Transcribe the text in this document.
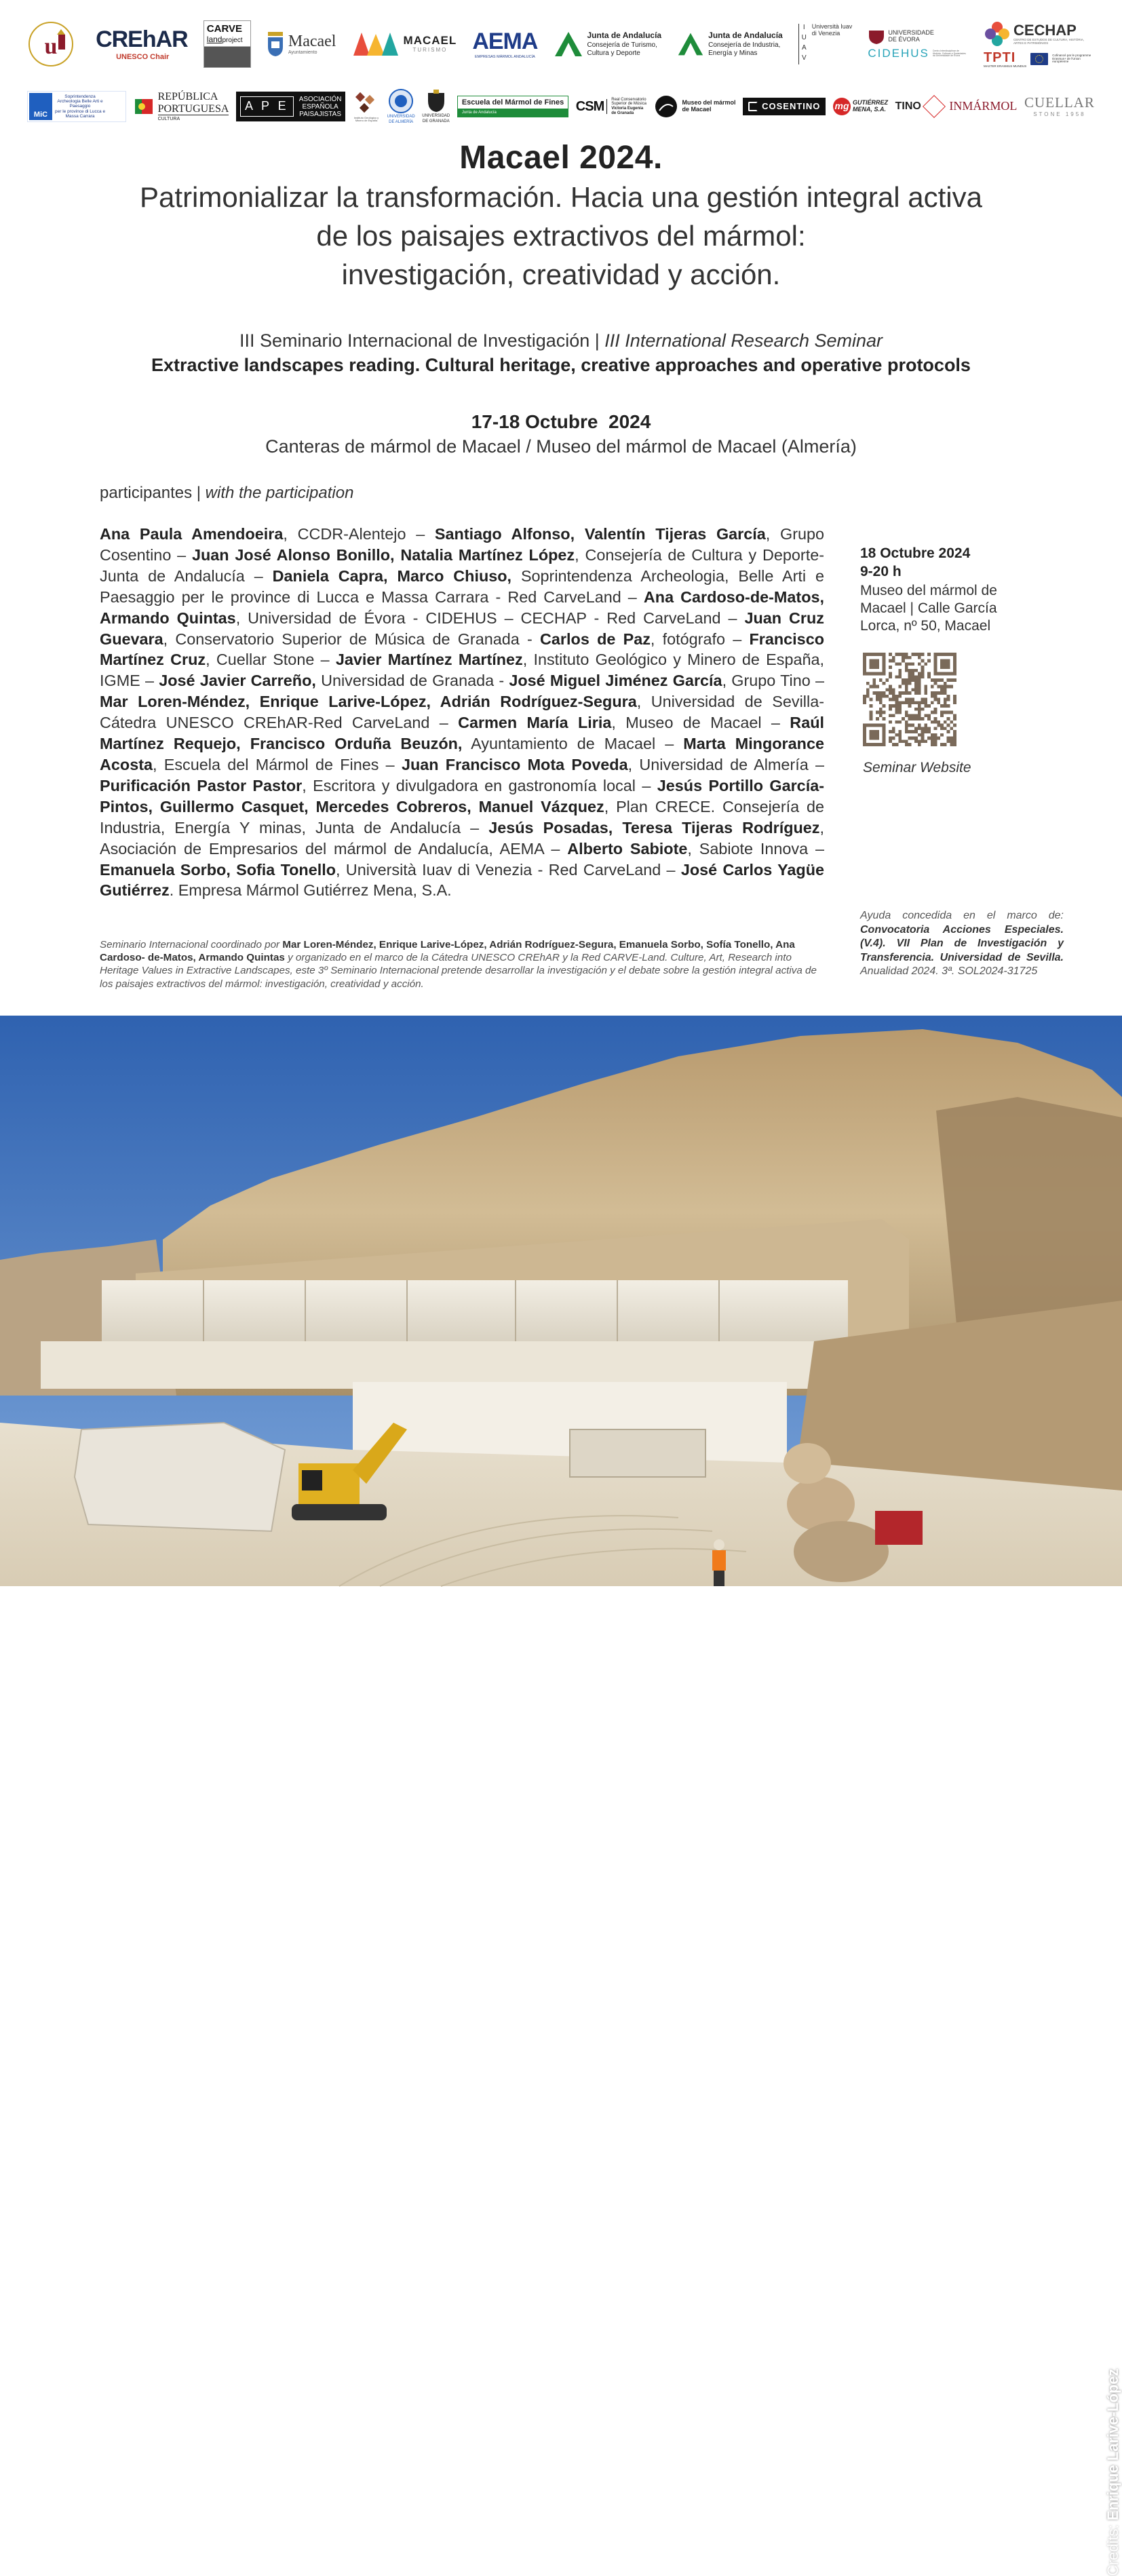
u CREhAR
UNESCO Chair
CARVE
landproject	Macael
Ayuntamiento
MACAEL
TURISMO AEMA
EMPRESAS MÁRMOL ANDALUCÍA
Junta de Andalucía
Consejería de Turismo,
Cultura y Deporte
Junta de Andalucía
Consejería de Industria,
Energía y Minas	IUAV Università Iuav
di Venezia	UNIVERSIDADE
DE ÉVORA
CIDEHUS Centro Interdisciplinar de História, Culturas e Sociedades da Universidade de Évora
CECHAP
CENTRO DE ESTUDOS DE CULTURA, HISTÓRIA, ARTES E PATRIMÓNIOS
TPTI
MASTER ERASMUS MUNDUS
Cofinancé par le programme Erasmus+ de l'Union européenne
MiC
Soprintendenza
Archeologia Belle Arti e
Paesaggio
per le province di Lucca e
Massa Carrara
REPÚBLICA
PORTUGUESA
CULTURA
A P E
ASOCIACIÓN
ESPAÑOLA
PAISAJISTAS	Instituto Geológico y Minero de España
UNIVERSIDAD
DE ALMERÍA
UNIVERSIDAD
DE GRANADA
Escuela del Mármol de Fines
Junta de Andalucía	CSM	Real Conservatorio
Superior de Música
Victoria Eugenia
de Granada
Museo del mármol
de Macael	COSENTINO mg GUTIÉRREZ
MENA, S.A. TINO INMÁRMOL CUELLAR
STONE 1958
Macael 2024.
Patrimonializar la transformación. Hacia una gestión integral activa
de los paisajes extractivos del mármol:
investigación, creatividad y acción.
III Seminario Internacional de Investigación | III International Research Seminar
Extractive landscapes reading. Cultural heritage, creative approaches and operative protocols
17-18 Octubre  2024
Canteras de mármol de Macael / Museo del mármol de Macael (Almería)
participantes | with the participation

Ana Paula Amendoeira, CCDR-Alentejo – Santiago Alfonso, Valentín Tijeras García, Grupo Cosentino – Juan José Alonso Bonillo, Natalia Martínez López, Consejería de Cultura y Deporte-Junta de Andalucía – Daniela Capra, Marco Chiuso, Soprintendenza Archeologia, Belle Arti e Paesaggio per le province di Lucca e Massa Carrara - Red CarveLand – Ana Cardoso-de-Matos, Armando Quintas, Universidad de Évora - CIDEHUS – CECHAP - Red CarveLand – Juan Cruz Guevara, Conservatorio Superior de Música de Granada - Carlos de Paz, fotógrafo – Francisco Martínez Cruz, Cuellar Stone – Javier Martínez Martínez, Instituto Geológico y Minero de España, IGME – José Javier Carreño, Universidad de Granada - José Miguel Jiménez García, Grupo Tino – Mar Loren-Méndez, Enrique Larive-López, Adrián Rodríguez-Segura, Universidad de Sevilla-Cátedra UNESCO CREhAR-Red CarveLand – Carmen María Liria, Museo de Macael – Raúl Martínez Requejo, Francisco Orduña Beuzón, Ayuntamiento de Macael – Marta Mingorance Acosta, Escuela del Mármol de Fines – Juan Francisco Mota Poveda, Universidad de Almería – Purificación Pastor Pastor, Escritora y divulgadora en gastronomía local – Jesús Portillo García-Pintos, Guillermo Casquet, Mercedes Cobreros, Manuel Vázquez, Plan CRECE. Consejería de Industria, Energía Y minas, Junta de Andalucía – Jesús Posadas, Teresa Tijeras Rodríguez, Asociación de Empresarios del mármol de Andalucía, AEMA – Alberto Sabiote, Sabiote Innova – Emanuela Sorbo, Sofia Tonello, Università Iuav di Venezia - Red CarveLand – José Carlos Yagüe Gutiérrez. Empresa Mármol Gutiérrez Mena, S.A.

Seminario Internacional coordinado por Mar Loren-Méndez, Enrique Larive-López, Adrián Rodríguez-Segura, Emanuela Sorbo, Sofía Tonello, Ana Cardoso- de-Matos, Armando Quintas y organizado en el marco de la Cátedra UNESCO CREhAR y la Red CARVE-Land. Culture, Art, Research into Heritage Values in Extractive Landscapes, este 3º Seminario Internacional pretende desarrollar la investigación y el debate sobre la gestión integral activa de los paisajes extractivos del mármol: investigación, creatividad y acción.

18 Octubre 2024
9-20 h
Museo del mármol de Macael | Calle García Lorca, nº 50, Macael
Seminar Website

Ayuda concedida en el marco de: Convocatoria Acciones Especiales. (V.4). VII Plan de Investigación y Transferencia. Universidad de Sevilla. Anualidad 2024. 3ª. SOL2024-31725

Credits: Enrique Larive-López
